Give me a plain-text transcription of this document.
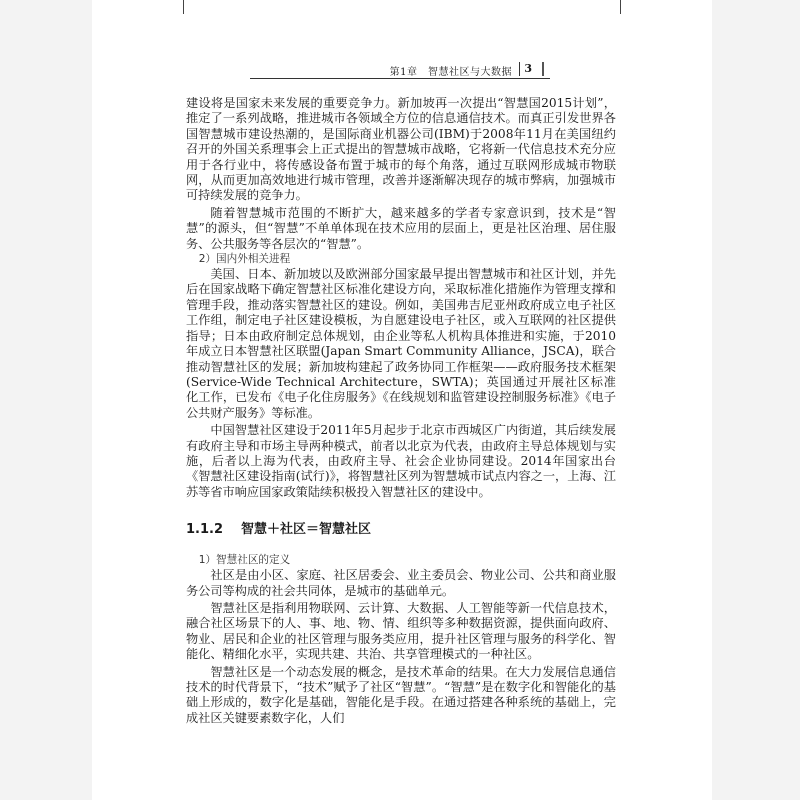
第1章　智慧社区与大数据 3

建设将是国家未来发展的重要竞争力。新加坡再一次提出“智慧国2015计划”，推定了一系列战略，推进城市各领域全方位的信息通信技术。而真正引发世界各国智慧城市建设热潮的，是国际商业机器公司(IBM)于2008年11月在美国纽约召开的外国关系理事会上正式提出的智慧城市战略，它将新一代信息技术充分应用于各行业中，将传感设备布置于城市的每个角落，通过互联网形成城市物联网，从而更加高效地进行城市管理，改善并逐渐解决现存的城市弊病，加强城市可持续发展的竞争力。

随着智慧城市范围的不断扩大，越来越多的学者专家意识到，技术是“智慧”的源头，但“智慧”不单单体现在技术应用的层面上，更是社区治理、居住服务、公共服务等各层次的“智慧”。

2）国内外相关进程

美国、日本、新加坡以及欧洲部分国家最早提出智慧城市和社区计划，并先后在国家战略下确定智慧社区标准化建设方向，采取标准化措施作为管理支撑和管理手段，推动落实智慧社区的建设。例如，美国弗吉尼亚州政府成立电子社区工作组，制定电子社区建设模板，为自愿建设电子社区，或入互联网的社区提供指导；日本由政府制定总体规划，由企业等私人机构具体推进和实施，于2010年成立日本智慧社区联盟(Japan Smart Community Alliance，JSCA)，联合推动智慧社区的发展；新加坡构建起了政务协同工作框架——政府服务技术框架(Service-Wide Technical Architecture，SWTA)；英国通过开展社区标准化工作，已发布《电子化住房服务》《在线规划和监管建设控制服务标准》《电子公共财产服务》等标准。

中国智慧社区建设于2011年5月起步于北京市西城区广内街道，其后续发展有政府主导和市场主导两种模式，前者以北京为代表，由政府主导总体规划与实施，后者以上海为代表，由政府主导、社会企业协同建设。2014年国家出台《智慧社区建设指南(试行)》，将智慧社区列为智慧城市试点内容之一，上海、江苏等省市响应国家政策陆续积极投入智慧社区的建设中。

1.1.2 智慧＋社区＝智慧社区

1）智慧社区的定义

社区是由小区、家庭、社区居委会、业主委员会、物业公司、公共和商业服务公司等构成的社会共同体，是城市的基础单元。

智慧社区是指利用物联网、云计算、大数据、人工智能等新一代信息技术，融合社区场景下的人、事、地、物、情、组织等多种数据资源，提供面向政府、物业、居民和企业的社区管理与服务类应用，提升社区管理与服务的科学化、智能化、精细化水平，实现共建、共治、共享管理模式的一种社区。

智慧社区是一个动态发展的概念，是技术革命的结果。在大力发展信息通信技术的时代背景下，“技术”赋予了社区“智慧”。“智慧”是在数字化和智能化的基础上形成的，数字化是基础，智能化是手段。在通过搭建各种系统的基础上，完成社区关键要素数字化，人们
